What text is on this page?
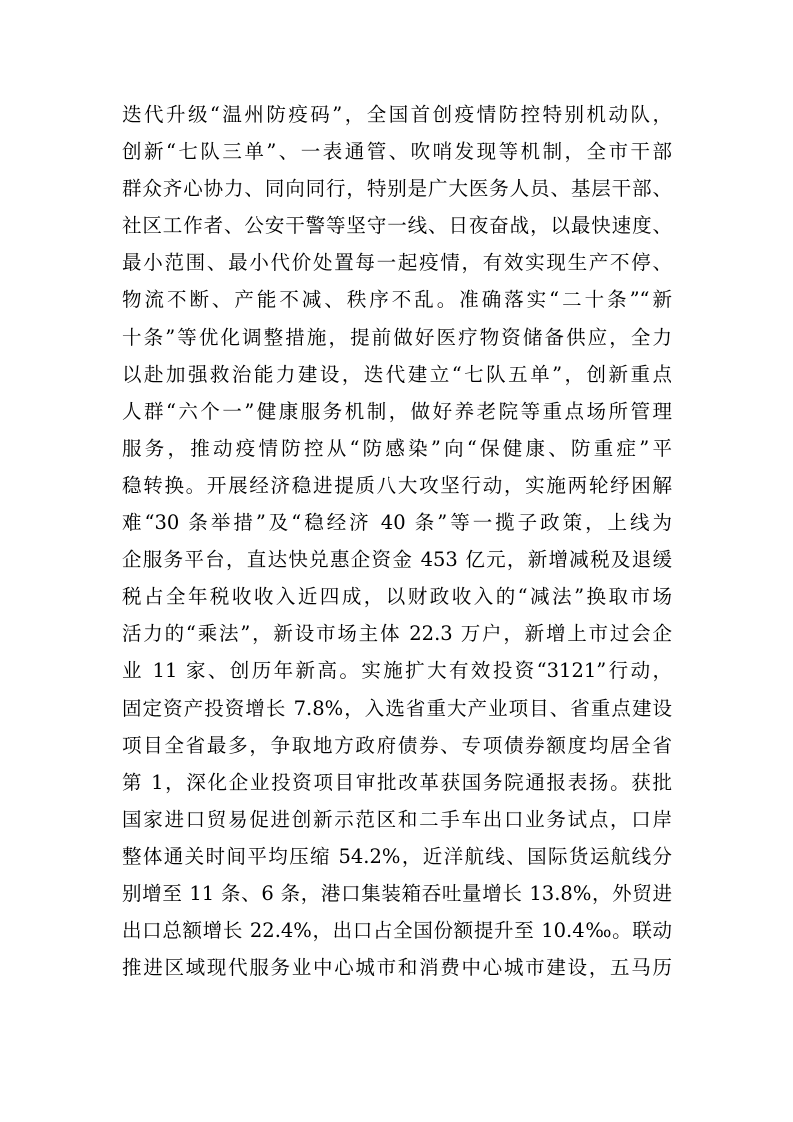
迭代升级“温州防疫码”，全国首创疫情防控特别机动队，
创新“七队三单”、一表通管、吹哨发现等机制，全市干部
群众齐心协力、同向同行，特别是广大医务人员、基层干部、
社区工作者、公安干警等坚守一线、日夜奋战，以最快速度、
最小范围、最小代价处置每一起疫情，有效实现生产不停、
物流不断、产能不减、秩序不乱。准确落实“二十条”“新
十条”等优化调整措施，提前做好医疗物资储备供应，全力
以赴加强救治能力建设，迭代建立“七队五单”，创新重点
人群“六个一”健康服务机制，做好养老院等重点场所管理
服务，推动疫情防控从“防感染”向“保健康、防重症”平
稳转换。开展经济稳进提质八大攻坚行动，实施两轮纾困解
难“30 条举措”及“稳经济 40 条”等一揽子政策，上线为
企服务平台，直达快兑惠企资金 453 亿元，新增减税及退缓
税占全年税收收入近四成，以财政收入的“减法”换取市场
活力的“乘法”，新设市场主体 22.3 万户，新增上市过会企
业 11 家、创历年新高。实施扩大有效投资“3121”行动，
固定资产投资增长 7.8%，入选省重大产业项目、省重点建设
项目全省最多，争取地方政府债券、专项债券额度均居全省
第 1，深化企业投资项目审批改革获国务院通报表扬。获批
国家进口贸易促进创新示范区和二手车出口业务试点，口岸
整体通关时间平均压缩 54.2%，近洋航线、国际货运航线分
别增至 11 条、6 条，港口集装箱吞吐量增长 13.8%，外贸进
出口总额增长 22.4%，出口占全国份额提升至 10.4‰。联动
推进区域现代服务业中心城市和消费中心城市建设，五马历
